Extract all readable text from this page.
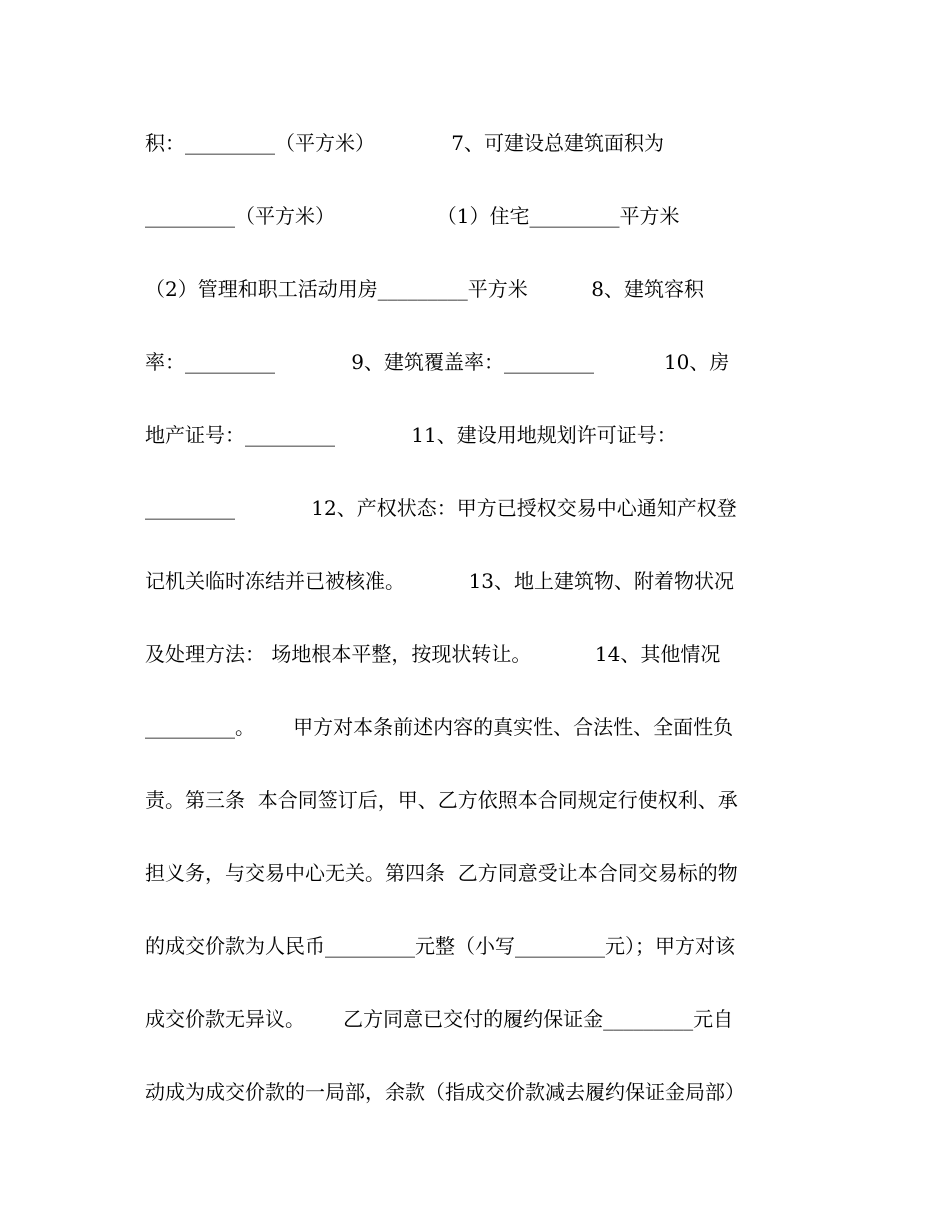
积：_________（平方米）            7、可建设总建筑面积为
_________（平方米）                （1）住宅_________平方米
（2）管理和职工活动用房_________平方米          8、建筑容积
率：_________            9、建筑覆盖率：_________           10、房
地产证号：_________            11、建设用地规划许可证号：
_________            12、产权状态：甲方已授权交易中心通知产权登
记机关临时冻结并已被核准。          13、地上建筑物、附着物状况
及处理方法： 场地根本平整，按现状转让。          14、其他情况
_________。      甲方对本条前述内容的真实性、合法性、全面性负
责。第三条  本合同签订后，甲、乙方依照本合同规定行使权利、承
担义务，与交易中心无关。第四条  乙方同意受让本合同交易标的物
的成交价款为人民币_________元整（小写_________元）；甲方对该
成交价款无异议。      乙方同意已交付的履约保证金_________元自
动成为成交价款的一局部，余款（指成交价款减去履约保证金局部）
